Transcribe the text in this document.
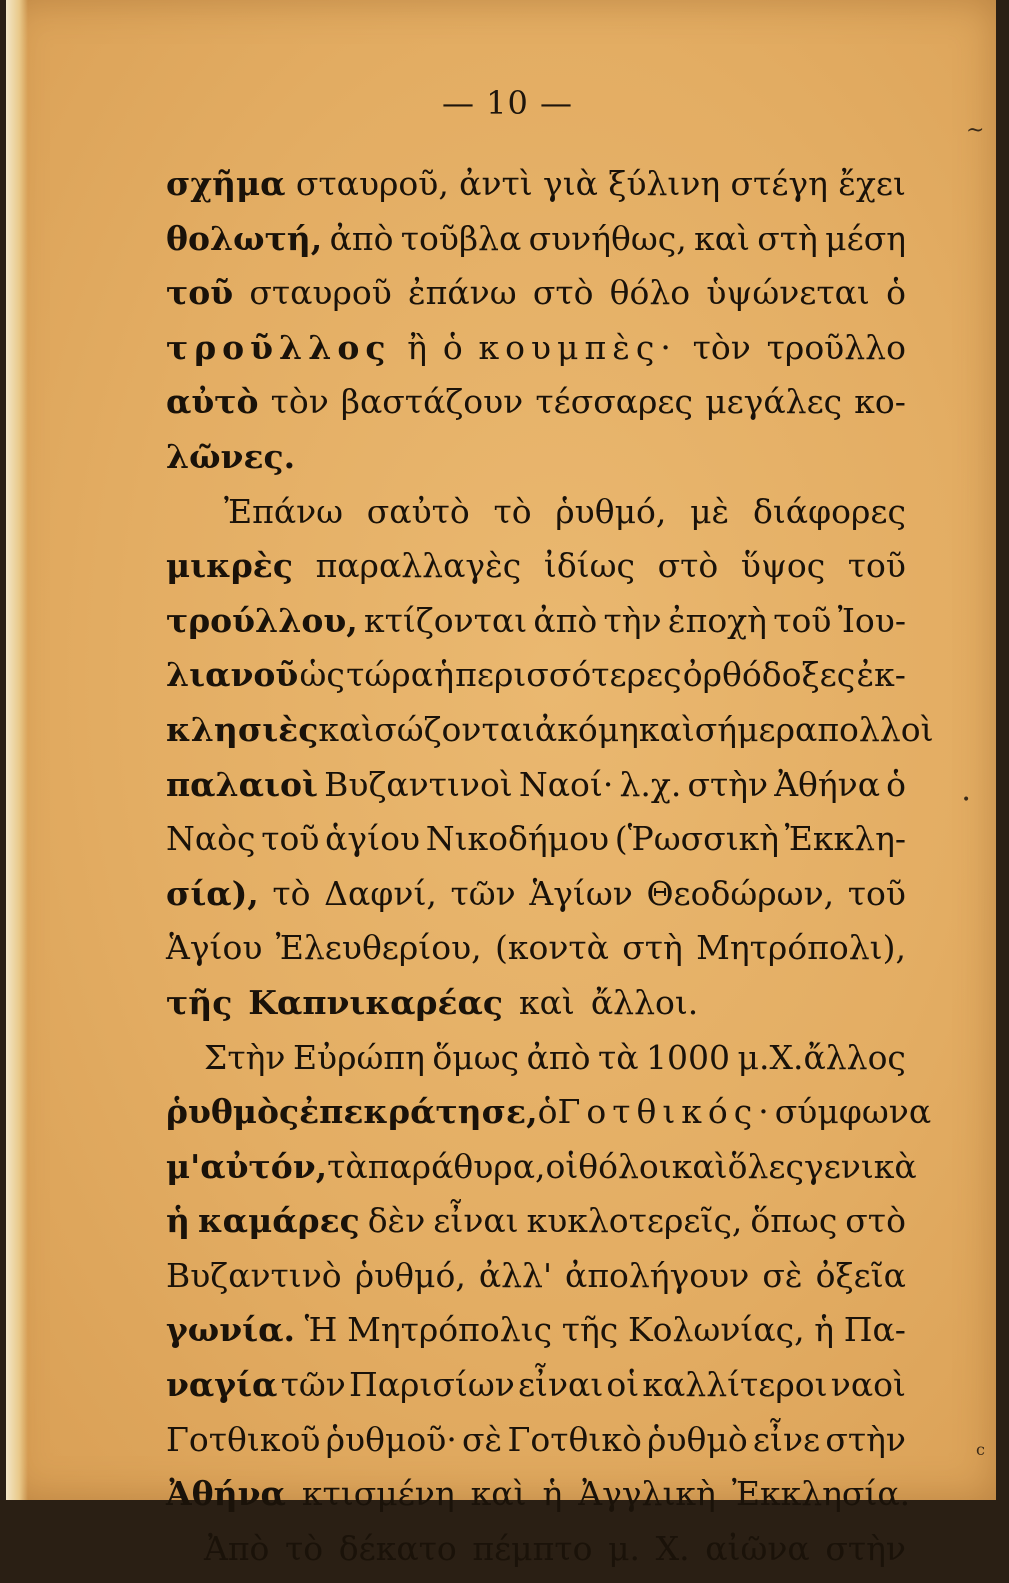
— 10 —
σχῆμα σταυροῦ, ἀντὶ γιὰ ξύλινη στέγη ἔχει
θολωτή, ἀπὸ τοῦβλα συνήθως, καὶ στὴ μέση
τοῦ σταυροῦ ἐπάνω στὸ θόλο ὑψώνεται ὁ
τροῦλλος ἢ ὁ κουμπὲς· τὸν τροῦλλο
αὐτὸ τὸν βαστάζουν τέσσαρες μεγάλες κο-
λῶνες.
Ἐπάνω σαὐτὸ τὸ ῥυθμό, μὲ διάφορες
μικρὲς παραλλαγὲς ἰδίως στὸ ὕψος τοῦ
τρούλλου, κτίζονται ἀπὸ τὴν ἐποχὴ τοῦ Ἰου-
λιανοῦ ὡς τώρα ἡ περισσότερες ὀρθόδοξες ἐκ-
κλησιὲς καὶ σώζονται ἀκόμη καὶ σήμερα πολλοὶ
παλαιοὶ Βυζαντινοὶ Ναοί· λ.χ. στὴν Ἀθήνα ὁ
Ναὸς τοῦ ἁγίου Νικοδήμου (Ῥωσσικὴ Ἐκκλη-
σία), τὸ Δαφνί, τῶν Ἁγίων Θεοδώρων, τοῦ
Ἁγίου Ἐλευθερίου, (κοντὰ στὴ Μητρόπολι),
τῆς Καπνικαρέας καὶ ἄλλοι.
Στὴν Εὐρώπη ὅμως ἀπὸ τὰ 1000 μ.Χ.ἄλλος
ῥυθμὸς ἐπεκράτησε, ὁ Γοτθικός· σύμφωνα
μ'αὐτόν, τὰ παράθυρα, οἱ θόλοι καὶ ὅλες γενικὰ
ἡ καμάρες δὲν εἶναι κυκλοτερεῖς, ὅπως στὸ
Βυζαντινὸ ῥυθμό, ἀλλ' ἀπολήγουν σὲ ὀξεῖα
γωνία. Ἡ Μητρόπολις τῆς Κολωνίας, ἡ Πα-
ναγία τῶν Παρισίων εἶναι οἱ καλλίτεροι ναοὶ
Γοτθικοῦ ῥυθμοῦ· σὲ Γοτθικὸ ῥυθμὸ εἶνε στὴν
Ἀθήνα κτισμένη καὶ ἡ Ἀγγλικὴ Ἐκκλησία.
Ἀπὸ τὸ δέκατο πέμπτο μ. Χ. αἰῶνα στὴν
~
•
c
